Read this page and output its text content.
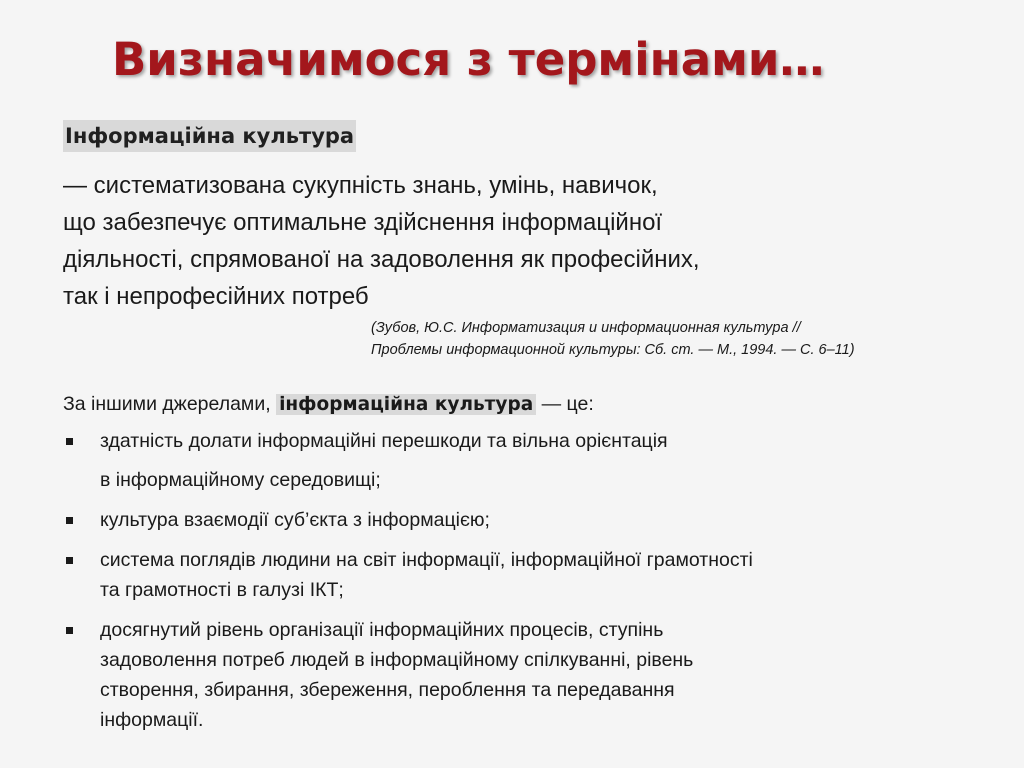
Визначимося з термінами…
Інформаційна культура
— систематизована сукупність знань, умінь, навичок,
що забезпечує оптимальне здійснення інформаційної
діяльності, спрямованої на задоволення як професійних,
так і непрофесійних потреб
(Зубов, Ю.С. Информатизация и информационная культура //
Проблемы информационной культуры: Сб. ст. — М., 1994. — С. 6–11)
За іншими джерелами, інформаційна культура — це:
здатність долати інформаційні перешкоди та вільна орієнтація
в інформаційному середовищі;
культура взаємодії суб’єкта з інформацією;
система поглядів людини на світ інформації, інформаційної грамотності
та грамотності в галузі ІКТ;
досягнутий рівень організації інформаційних процесів, ступінь
задоволення потреб людей в інформаційному спілкуванні, рівень
створення, збирання, збереження, пероблення та передавання
інформації.
